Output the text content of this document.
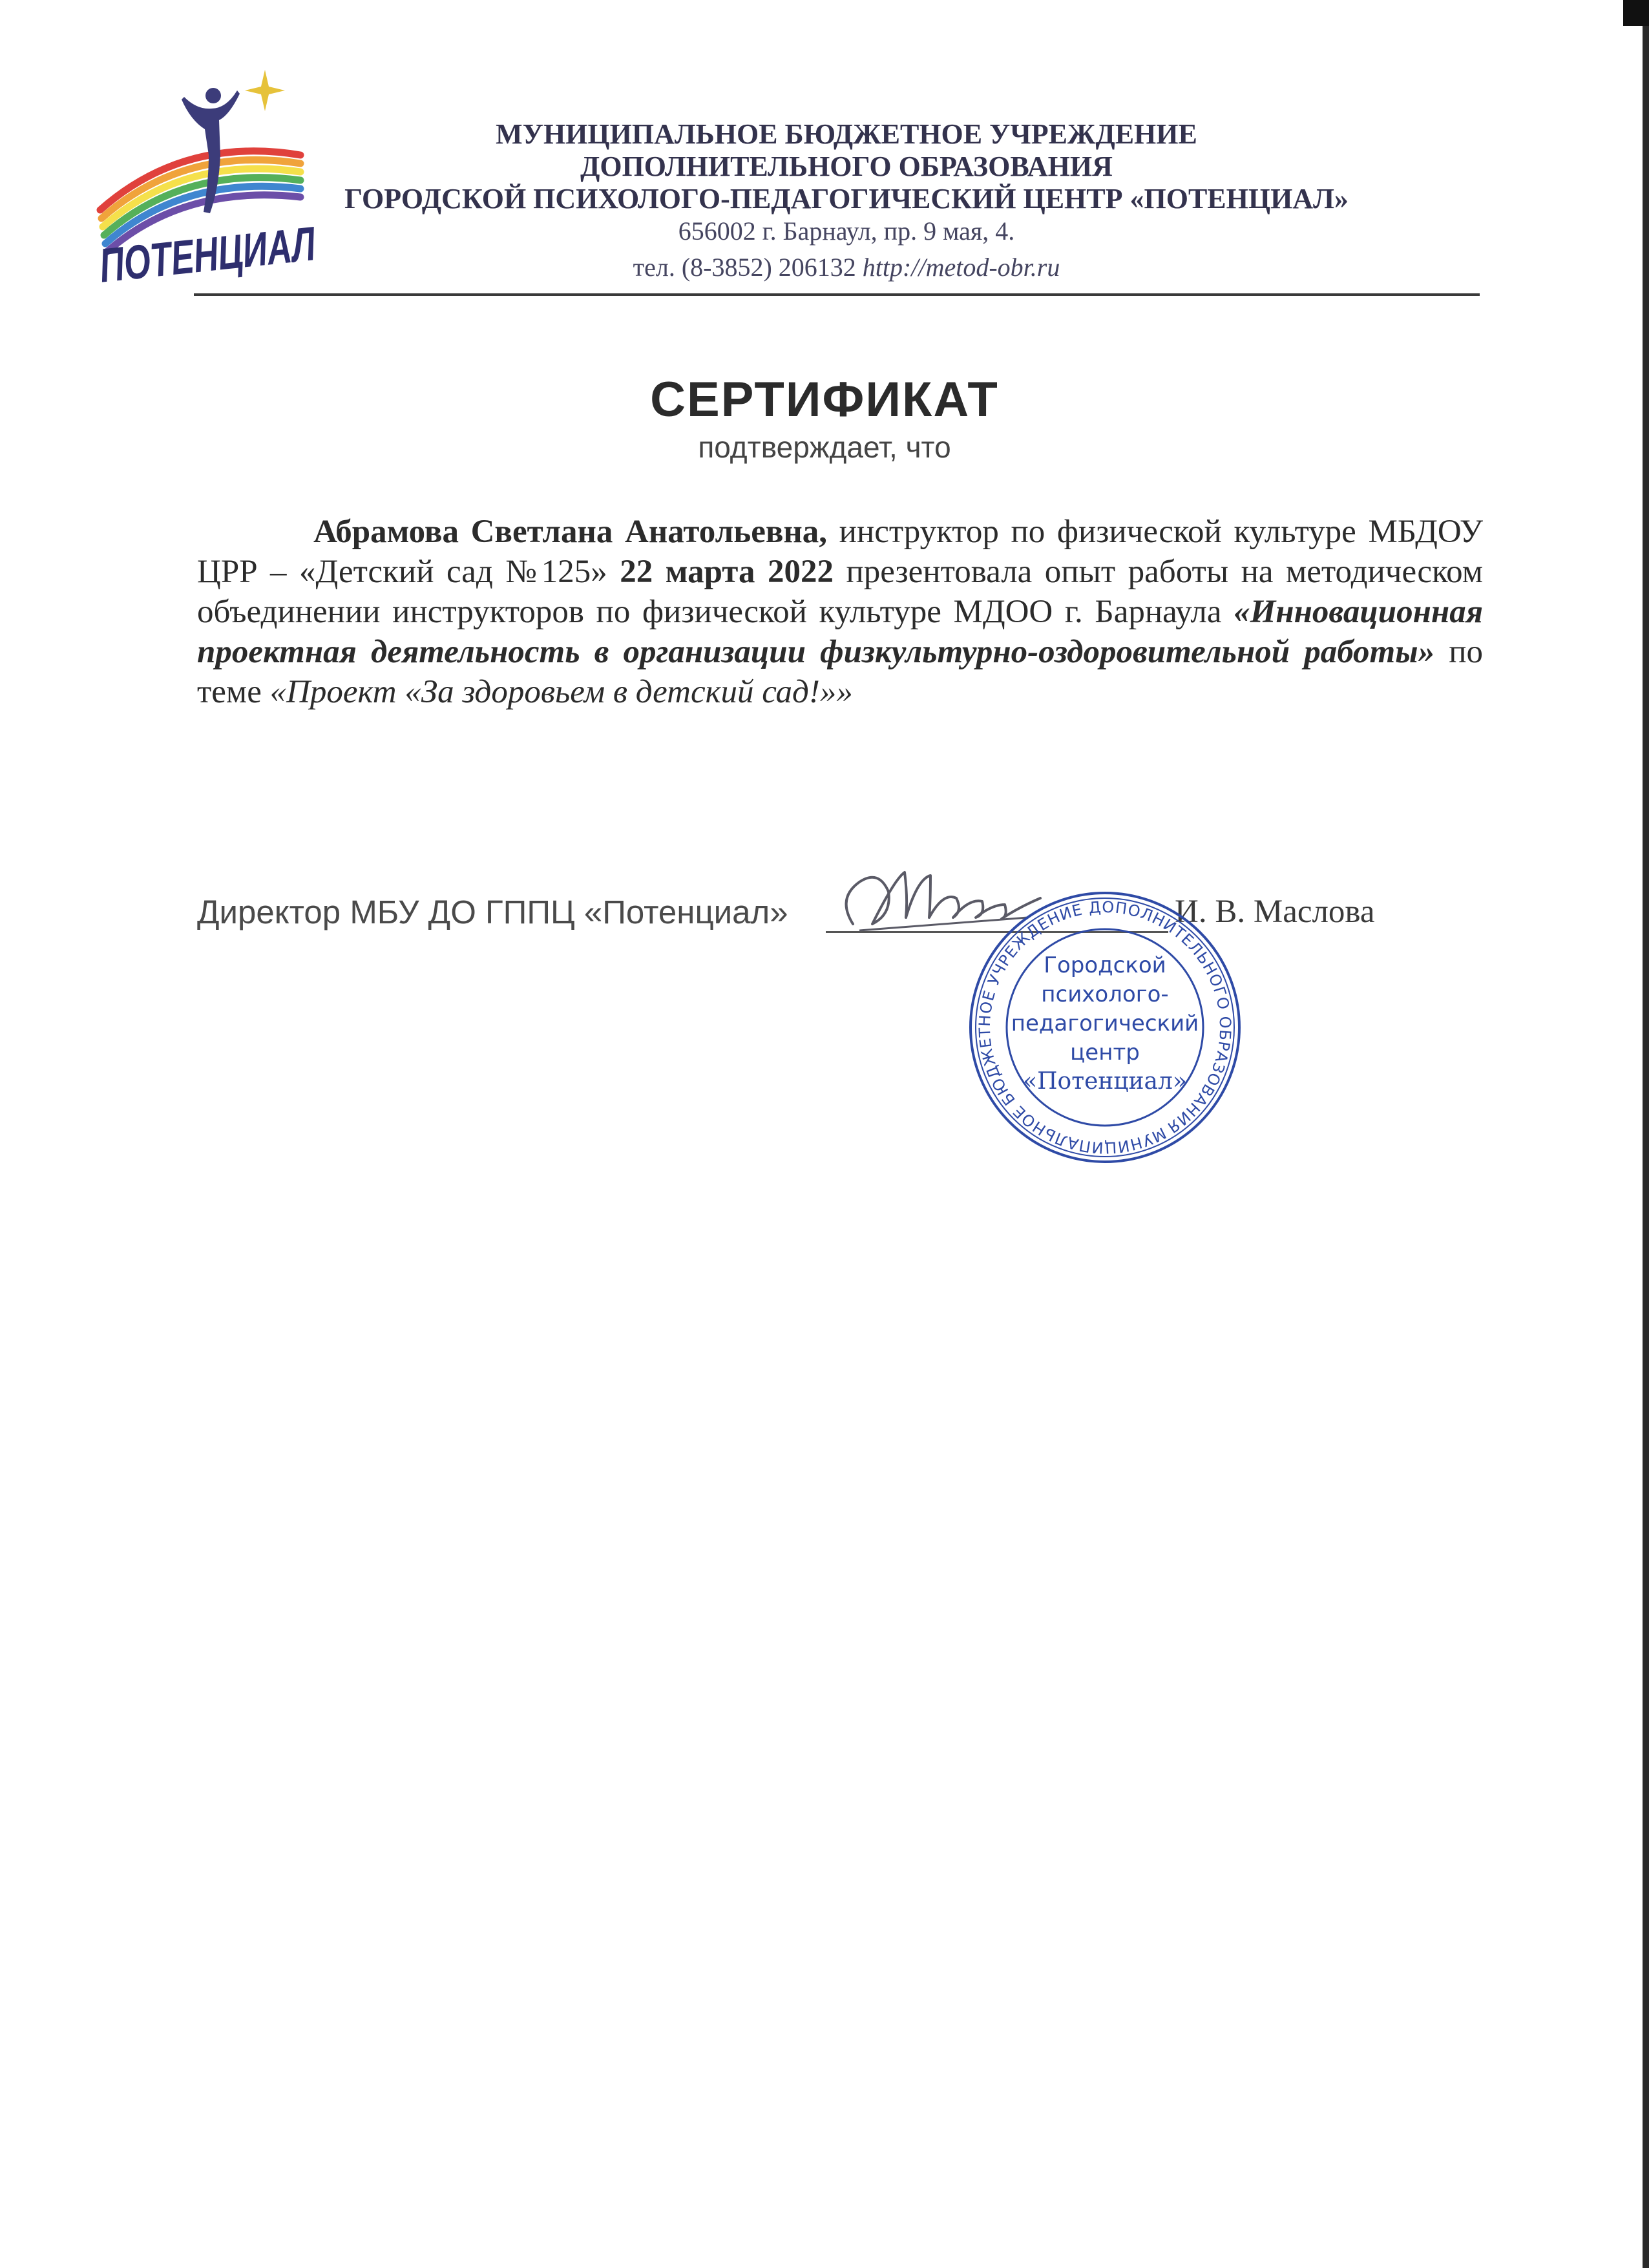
ПОТЕНЦИАЛ
МУНИЦИПАЛЬНОЕ БЮДЖЕТНОЕ УЧРЕЖДЕНИЕ
ДОПОЛНИТЕЛЬНОГО ОБРАЗОВАНИЯ
ГОРОДСКОЙ ПСИХОЛОГО-ПЕДАГОГИЧЕСКИЙ ЦЕНТР «ПОТЕНЦИАЛ»
656002 г. Барнаул, пр. 9 мая, 4.
тел. (8-3852) 206132 http://metod-obr.ru
СЕРТИФИКАТ
подтверждает, что
Абрамова Светлана Анатольевна, инструктор по физической культуре МБДОУ ЦРР – «Детский сад №125» 22 марта 2022 презентовала опыт работы на методическом объединении инструкторов по физической культуре МДОО г. Барнаула «Инновационная проектная деятельность в организации физкультурно-оздоровительной работы» по теме «Проект «За здоровьем в детский сад!»»
Директор МБУ ДО ГППЦ «Потенциал»	И. В. Маслова
МУНИЦИПАЛЬНОЕ БЮДЖЕТНОЕ УЧРЕЖДЕНИЕ ДОПОЛНИТЕЛЬНОГО ОБРАЗОВАНИЯ
Городской
психолого-
педагогический
центр
«Потенциал»
